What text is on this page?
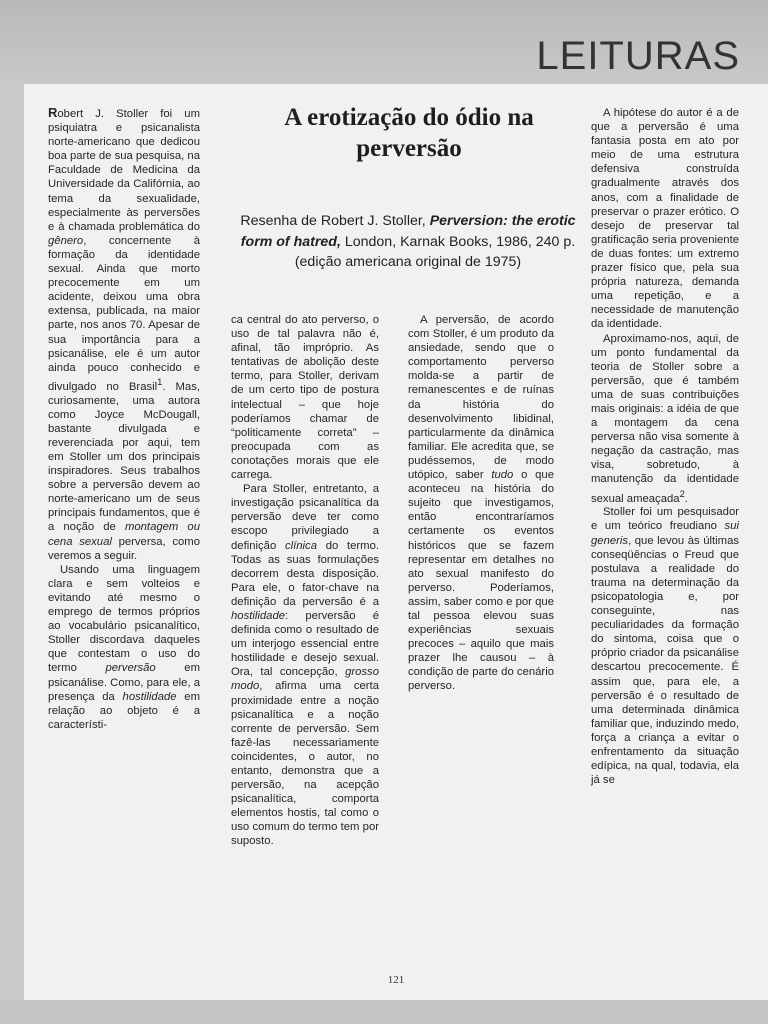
LEITURAS

Robert J. Stoller foi um psiquiatra e psicanalista norte-americano que dedicou boa parte de sua pesquisa, na Faculdade de Medicina da Universidade da Califórnia, ao tema da sexualidade, especialmente às perversões e à chamada problemática do gênero, concernente à formação da identidade sexual. Ainda que morto precocemente em um acidente, deixou uma obra extensa, publicada, na maior parte, nos anos 70. Apesar de sua importância para a psicanálise, ele é um autor ainda pouco conhecido e divulgado no Brasil$^1$. Mas, curiosamente, uma autora como Joyce McDougall, bastante divulgada e reverenciada por aqui, tem em Stoller um dos principais inspiradores. Seus trabalhos sobre a perversão devem ao norte-americano um de seus principais fundamentos, que é a noção de montagem ou cena sexual perversa, como veremos a seguir.

Usando uma linguagem clara e sem volteios e evitando até mesmo o emprego de termos próprios ao vocabulário psicanalítico, Stoller discordava daqueles que contestam o uso do termo perversão em psicanálise. Como, para ele, a presença da hostilidade em relação ao objeto é a característi-

A erotização do ódio na perversão

Resenha de Robert J. Stoller, Perversion: the erotic form of hatred, London, Karnak Books, 1986, 240 p. (edição americana original de 1975)

ca central do ato perverso, o uso de tal palavra não é, afinal, tão impróprio. As tentativas de abolição deste termo, para Stoller, derivam de um certo tipo de postura intelectual – que hoje poderíamos chamar de “politicamente correta” – preocupada com as conotações morais que ele carrega.

Para Stoller, entretanto, a investigação psicanalítica da perversão deve ter como escopo privilegiado a definição clínica do termo. Todas as suas formulações decorrem desta disposição. Para ele, o fator-chave na definição da perversão é a hostilidade: perversão é definida como o resultado de um interjogo essencial entre hostilidade e desejo sexual. Ora, tal concepção, grosso modo, afirma uma certa proximidade entre a noção psicanalítica e a noção corrente de perversão. Sem fazê-las necessariamente coincidentes, o autor, no entanto, demonstra que a perversão, na acepção psicanalítica, comporta elementos hostis, tal como o uso comum do termo tem por suposto.

A perversão, de acordo com Stoller, é um produto da ansiedade, sendo que o comportamento perverso molda-se a partir de remanescentes e de ruínas da história do desenvolvimento libidinal, particularmente da dinâmica familiar. Ele acredita que, se pudéssemos, de modo utópico, saber tudo o que aconteceu na história do sujeito que investigamos, então encontraríamos certamente os eventos históricos que se fazem representar em detalhes no ato sexual manifesto do perverso. Poderíamos, assim, saber como e por que tal pessoa elevou suas experiências sexuais precoces – aquilo que mais prazer lhe causou – à condição de parte do cenário perverso.

A hipótese do autor é a de que a perversão é uma fantasia posta em ato por meio de uma estrutura defensiva construída gradualmente através dos anos, com a finalidade de preservar o prazer erótico. O desejo de preservar tal gratificação seria proveniente de duas fontes: um extremo prazer físico que, pela sua própria natureza, demanda uma repetição, e a necessidade de manutenção da identidade.

Aproximamo-nos, aqui, de um ponto fundamental da teoria de Stoller sobre a perversão, que é também uma de suas contribuições mais originais: a idéia de que a montagem da cena perversa não visa somente à negação da castração, mas visa, sobretudo, à manutenção da identidade sexual ameaçada$^2$.

Stoller foi um pesquisador e um teórico freudiano sui generis, que levou às últimas conseqüências o Freud que postulava a realidade do trauma na determinação da psicopatologia e, por conseguinte, nas peculiaridades da formação do sintoma, coisa que o próprio criador da psicanálise descartou precocemente. É assim que, para ele, a perversão é o resultado de uma determinada dinâmica familiar que, induzindo medo, força a criança a evitar o enfrentamento da situação edípica, na qual, todavia, ela já se

121
